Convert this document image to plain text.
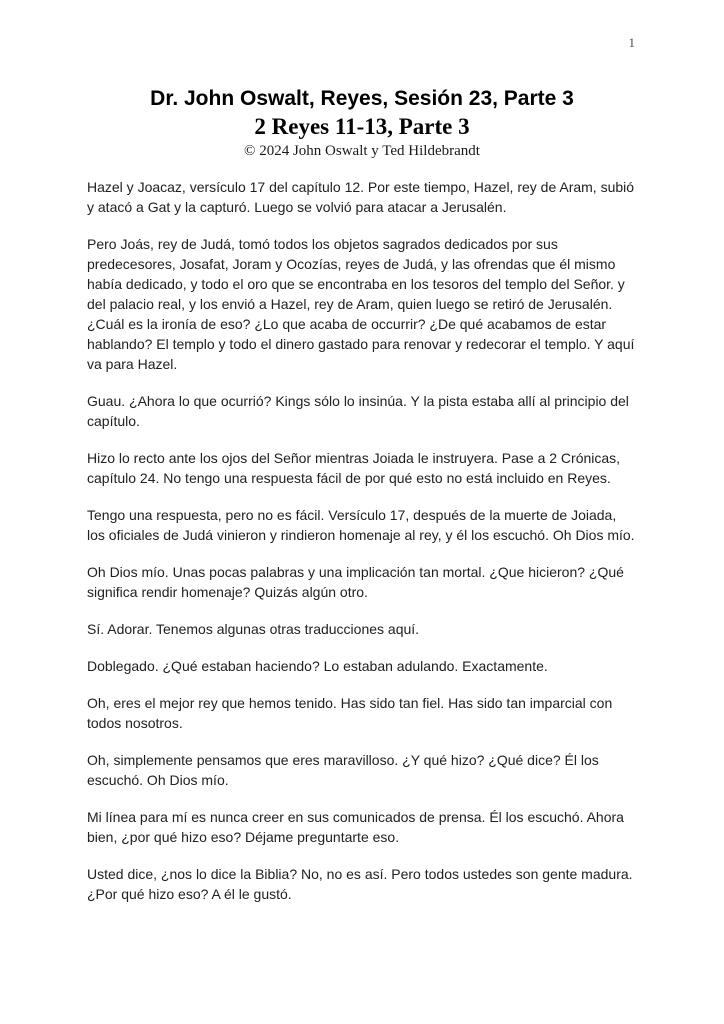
1
Dr. John Oswalt, Reyes, Sesión 23, Parte 3
2 Reyes 11-13, Parte 3
© 2024 John Oswalt y Ted Hildebrandt

Hazel y Joacaz, versículo 17 del capítulo 12. Por este tiempo, Hazel, rey de Aram, subió y atacó a Gat y la capturó. Luego se volvió para atacar a Jerusalén.

Pero Joás, rey de Judá, tomó todos los objetos sagrados dedicados por sus predecesores, Josafat, Joram y Ocozías, reyes de Judá, y las ofrendas que él mismo había dedicado, y todo el oro que se encontraba en los tesoros del templo del Señor. y del palacio real, y los envió a Hazel, rey de Aram, quien luego se retiró de Jerusalén. ¿Cuál es la ironía de eso? ¿Lo que acaba de occurrir? ¿De qué acabamos de estar hablando? El templo y todo el dinero gastado para renovar y redecorar el templo. Y aquí va para Hazel.

Guau. ¿Ahora lo que ocurrió? Kings sólo lo insinúa. Y la pista estaba allí al principio del capítulo.

Hizo lo recto ante los ojos del Señor mientras Joiada le instruyera. Pase a 2 Crónicas, capítulo 24. No tengo una respuesta fácil de por qué esto no está incluido en Reyes.

Tengo una respuesta, pero no es fácil. Versículo 17, después de la muerte de Joiada, los oficiales de Judá vinieron y rindieron homenaje al rey, y él los escuchó. Oh Dios mío.

Oh Dios mío. Unas pocas palabras y una implicación tan mortal. ¿Que hicieron? ¿Qué significa rendir homenaje? Quizás algún otro.

Sí. Adorar. Tenemos algunas otras traducciones aquí.

Doblegado. ¿Qué estaban haciendo? Lo estaban adulando. Exactamente.

Oh, eres el mejor rey que hemos tenido. Has sido tan fiel. Has sido tan imparcial con todos nosotros.

Oh, simplemente pensamos que eres maravilloso. ¿Y qué hizo? ¿Qué dice? Él los escuchó. Oh Dios mío.

Mi línea para mí es nunca creer en sus comunicados de prensa. Él los escuchó. Ahora bien, ¿por qué hizo eso? Déjame preguntarte eso.

Usted dice, ¿nos lo dice la Biblia? No, no es así. Pero todos ustedes son gente madura. ¿Por qué hizo eso? A él le gustó.
